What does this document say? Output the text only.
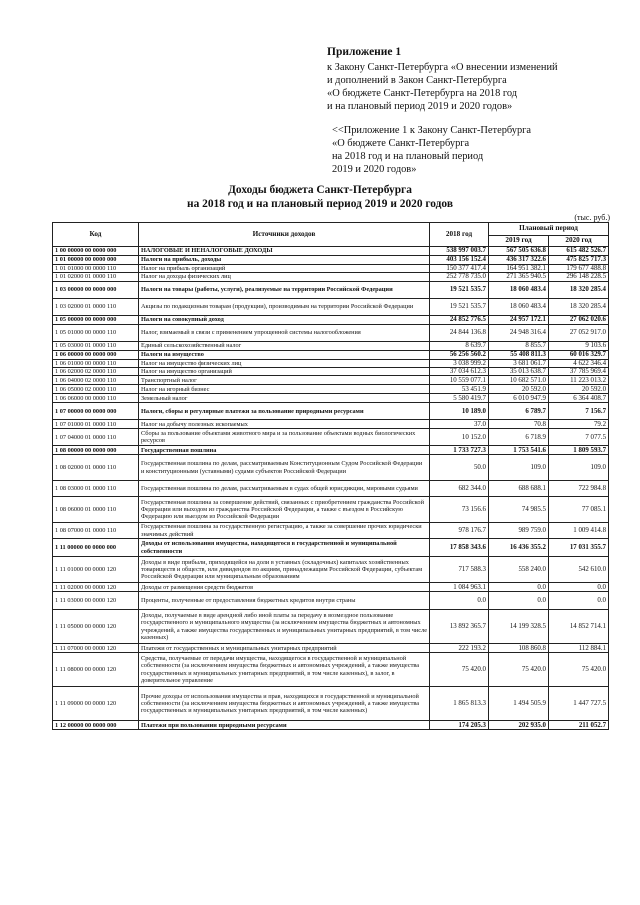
Приложение 1
к Закону Санкт-Петербурга «О внесении изменений
и дополнений в Закон Санкт-Петербурга
«О бюджете Санкт-Петербурга на 2018 год
и на плановый период 2019 и 2020 годов»
<<Приложение 1 к Закону Санкт-Петербурга
«О бюджете Санкт-Петербурга
на 2018 год и на плановый период
2019 и 2020 годов»
Доходы бюджета Санкт-Петербурга
на 2018 год и на плановый период 2019 и 2020 годов
(тыс. руб.)
Код	Источники доходов	2018 год	Плановый период	
			2019 год	2020 год
1 00 00000 00 0000 000	НАЛОГОВЫЕ И НЕНАЛОГОВЫЕ ДОХОДЫ	538 997 003.7	567 505 636.8	615 482 526.7
1 01 00000 00 0000 000	Налоги на прибыль, доходы	403 156 152.4	436 317 322.6	475 825 717.3
1 01 01000 00 0000 110	Налог на прибыль организаций	150 377 417.4	164 951 382.1	179 677 488.8
1 01 02000 01 0000 110	Налог на доходы физических лиц	252 778 735.0	271 365 940.5	296 148 228.5
1 03 00000 00 0000 000	Налоги на товары (работы, услуги), реализуемые на территории Российской Федерации	19 521 535.7	18 060 483.4	18 320 285.4
1 03 02000 01 0000 110	Акцизы по подакцизным товарам (продукции), производимым на территории Российской Федерации	19 521 535.7	18 060 483.4	18 320 285.4
1 05 00000 00 0000 000	Налоги на совокупный доход	24 852 776.5	24 957 172.1	27 062 020.6
1 05 01000 00 0000 110	Налог, взимаемый в связи с применением упрощенной системы налогообложения	24 844 136.8	24 948 316.4	27 052 917.0
1 05 03000 01 0000 110	Единый сельскохозяйственный налог	8 639.7	8 855.7	9 103.6
1 06 00000 00 0000 000	Налоги на имущество	56 256 560.2	55 408 811.3	60 016 329.7
1 06 01000 00 0000 110	Налог на имущество физических лиц	3 038 999.2	3 681 061.7	4 622 346.4
1 06 02000 02 0000 110	Налог на имущество организаций	37 034 612.3	35 013 638.7	37 785 969.4
1 06 04000 02 0000 110	Транспортный налог	10 559 077.1	10 682 571.0	11 223 013.2
1 06 05000 02 0000 110	Налог на игорный бизнес	53 451.9	20 592.0	20 592.0
1 06 06000 00 0000 110	Земельный налог	5 580 419.7	6 010 947.9	6 364 408.7
1 07 00000 00 0000 000	Налоги, сборы и регулярные платежи за пользование природными ресурсами	10 189.0	6 789.7	7 156.7
1 07 01000 01 0000 110	Налог на добычу полезных ископаемых	37.0	70.8	79.2
1 07 04000 01 0000 110	Сборы за пользование объектами животного мира и за пользование объектами водных биологических ресурсов	10 152.0	6 718.9	7 077.5
1 08 00000 00 0000 000	Государственная пошлина	1 733 727.3	1 753 541.6	1 809 593.7
1 08 02000 01 0000 110	Государственная пошлина по делам, рассматриваемым Конституционным Судом Российской Федерации и конституционными (уставными) судами субъектов Российской Федерации	50.0	109.0	109.0
1 08 03000 01 0000 110	Государственная пошлина по делам, рассматриваемым в судах общей юрисдикции, мировыми судьями	682 344.0	688 688.1	722 984.8
1 08 06000 01 0000 110	Государственная пошлина за совершение действий, связанных с приобретением гражданства Российской Федерации или выходом из гражданства Российской Федерации, а также с въездом в Российскую Федерацию или выездом из Российской Федерации	73 156.6	74 985.5	77 085.1
1 08 07000 01 0000 110	Государственная пошлина за государственную регистрацию, а также за совершение прочих юридически значимых действий	978 176.7	989 759.0	1 009 414.8
1 11 00000 00 0000 000	Доходы от использования имущества, находящегося в государственной и муниципальной собственности	17 858 343.6	16 436 355.2	17 031 355.7
1 11 01000 00 0000 120	Доходы в виде прибыли, приходящейся на доли в уставных (складочных) капиталах хозяйственных товариществ и обществ, или дивидендов по акциям, принадлежащим Российской Федерации, субъектам Российской Федерации или муниципальным образованиям	717 588.3	558 240.0	542 610.0
1 11 02000 00 0000 120	Доходы от размещения средств бюджетов	1 084 963.1	0.0	0.0
1 11 03000 00 0000 120	Проценты, полученные от предоставления бюджетных кредитов внутри страны	0.0	0.0	0.0
1 11 05000 00 0000 120	Доходы, получаемые в виде арендной либо иной платы за передачу в возмездное пользование государственного и муниципального имущества (за исключением имущества бюджетных и автономных учреждений, а также имущества государственных и муниципальных унитарных предприятий, в том числе казенных)	13 892 365.7	14 199 328.5	14 852 714.1
1 11 07000 00 0000 120	Платежи от государственных и муниципальных унитарных предприятий	222 193.2	108 860.8	112 884.1
1 11 08000 00 0000 120	Средства, получаемые от передачи имущества, находящегося в государственной и муниципальной собственности (за исключением имущества бюджетных и автономных учреждений, а также имущества государственных и муниципальных унитарных предприятий, в том числе казенных), в залог, в доверительное управление	75 420.0	75 420.0	75 420.0
1 11 09000 00 0000 120	Прочие доходы от использования имущества и прав, находящихся в государственной и муниципальной собственности (за исключением имущества бюджетных и автономных учреждений, а также имущества государственных и муниципальных унитарных предприятий, в том числе казенных)	1 865 813.3	1 494 505.9	1 447 727.5
1 12 00000 00 0000 000	Платежи при пользовании природными ресурсами	174 205.3	202 935.0	211 052.7
